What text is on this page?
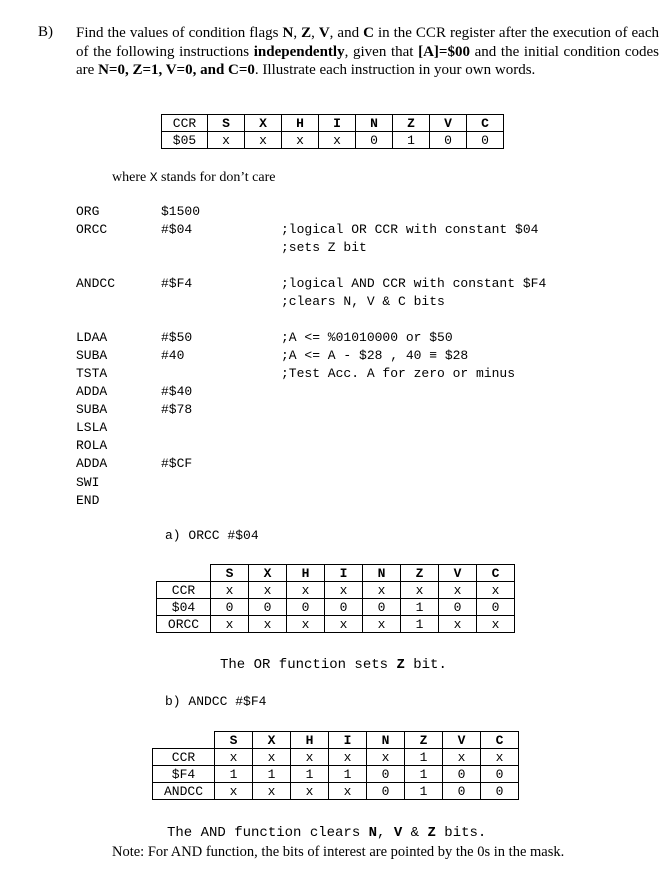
B) Find the values of condition flags N, Z, V, and C in the CCR register after the execution of each of the following instructions independently, given that [A]=$00 and the initial condition codes are N=0, Z=1, V=0, and C=0. Illustrate each instruction in your own words.
CCR	S	X	H	I	N	Z	V	C
$05	x	x	x	x	0	1	0	0
where X stands for don’t care
ORG	$1500
ORCC	#$04	;logical OR CCR with constant $04
;sets Z bit
ANDCC	#$F4	;logical AND CCR with constant $F4
;clears N, V & C bits
LDAA	#$50	;A <= %01010000 or $50
SUBA	#40	;A <= A - $28 , 40 ≡ $28
TSTA	;Test Acc. A for zero or minus
ADDA	#$40
SUBA	#$78
LSLA
ROLA
ADDA	#$CF
SWI
END
a) ORCC #$04
	S	X	H	I	N	Z	V	C
CCR	x	x	x	x	x	x	x	x
$04	0	0	0	0	0	1	0	0
ORCC	x	x	x	x	x	1	x	x
The OR function sets Z bit.
b) ANDCC #$F4
	S	X	H	I	N	Z	V	C
CCR	x	x	x	x	x	1	x	x
$F4	1	1	1	1	0	1	0	0
ANDCC	x	x	x	x	0	1	0	0
The AND function clears N, V & Z bits.
Note: For AND function, the bits of interest are pointed by the 0s in the mask.
